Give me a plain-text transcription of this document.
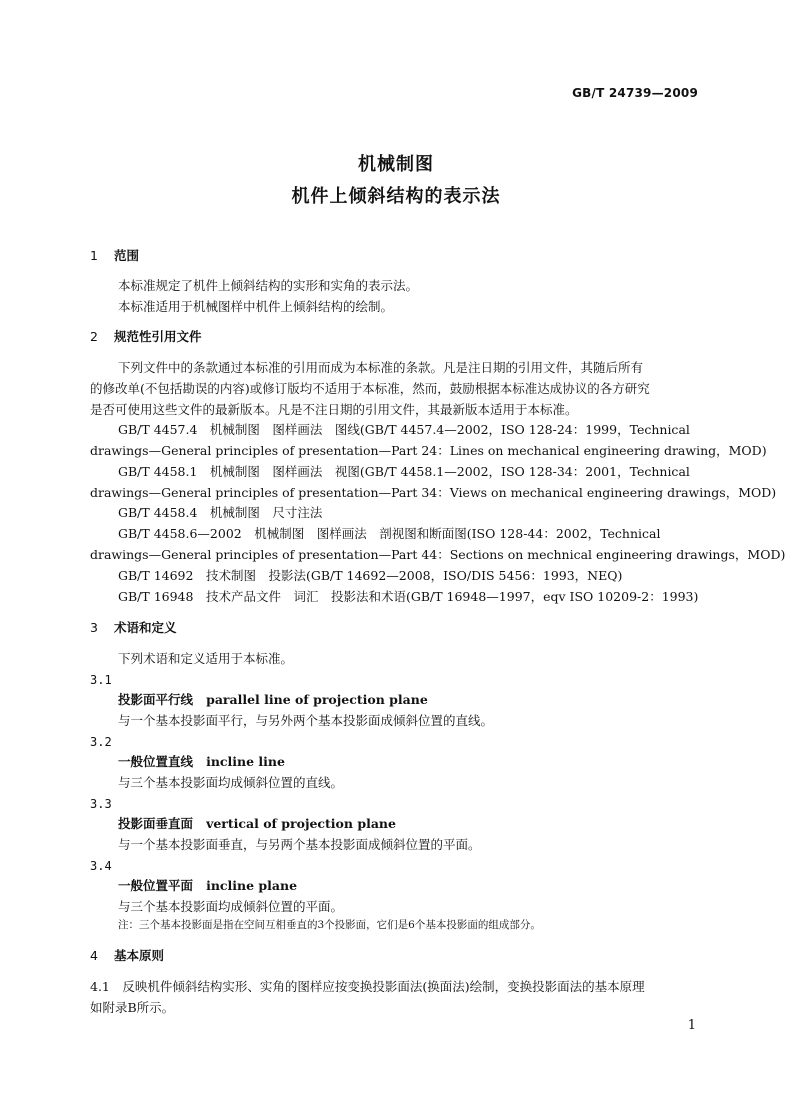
GB/T 24739—2009
机械制图
机件上倾斜结构的表示法
1 范围
本标准规定了机件上倾斜结构的实形和实角的表示法。
本标准适用于机械图样中机件上倾斜结构的绘制。
2 规范性引用文件
下列文件中的条款通过本标准的引用而成为本标准的条款。凡是注日期的引用文件，其随后所有
的修改单(不包括勘误的内容)或修订版均不适用于本标准，然而，鼓励根据本标准达成协议的各方研究
是否可使用这些文件的最新版本。凡是不注日期的引用文件，其最新版本适用于本标准。
GB/T 4457.4　机械制图　图样画法　图线(GB/T 4457.4—2002，ISO 128-24：1999，Technical
drawings—General principles of presentation—Part 24：Lines on mechanical engineering drawing，MOD)
GB/T 4458.1　机械制图　图样画法　视图(GB/T 4458.1—2002，ISO 128-34：2001，Technical
drawings—General principles of presentation—Part 34：Views on mechanical engineering drawings，MOD)
GB/T 4458.4　机械制图　尺寸注法
GB/T 4458.6—2002　机械制图　图样画法　剖视图和断面图(ISO 128-44：2002，Technical
drawings—General principles of presentation—Part 44：Sections on mechnical engineering drawings，MOD)
GB/T 14692　技术制图　投影法(GB/T 14692—2008，ISO/DIS 5456：1993，NEQ)
GB/T 16948　技术产品文件　词汇　投影法和术语(GB/T 16948—1997，eqv ISO 10209-2：1993)
3 术语和定义
下列术语和定义适用于本标准。
3.1
投影面平行线 parallel line of projection plane
与一个基本投影面平行，与另外两个基本投影面成倾斜位置的直线。
3.2
一般位置直线 incline line
与三个基本投影面均成倾斜位置的直线。
3.3
投影面垂直面 vertical of projection plane
与一个基本投影面垂直，与另两个基本投影面成倾斜位置的平面。
3.4
一般位置平面 incline plane
与三个基本投影面均成倾斜位置的平面。
注：三个基本投影面是指在空间互相垂直的3个投影面，它们是6个基本投影面的组成部分。
4 基本原则
4.1　反映机件倾斜结构实形、实角的图样应按变换投影面法(换面法)绘制，变换投影面法的基本原理
如附录B所示。
1
